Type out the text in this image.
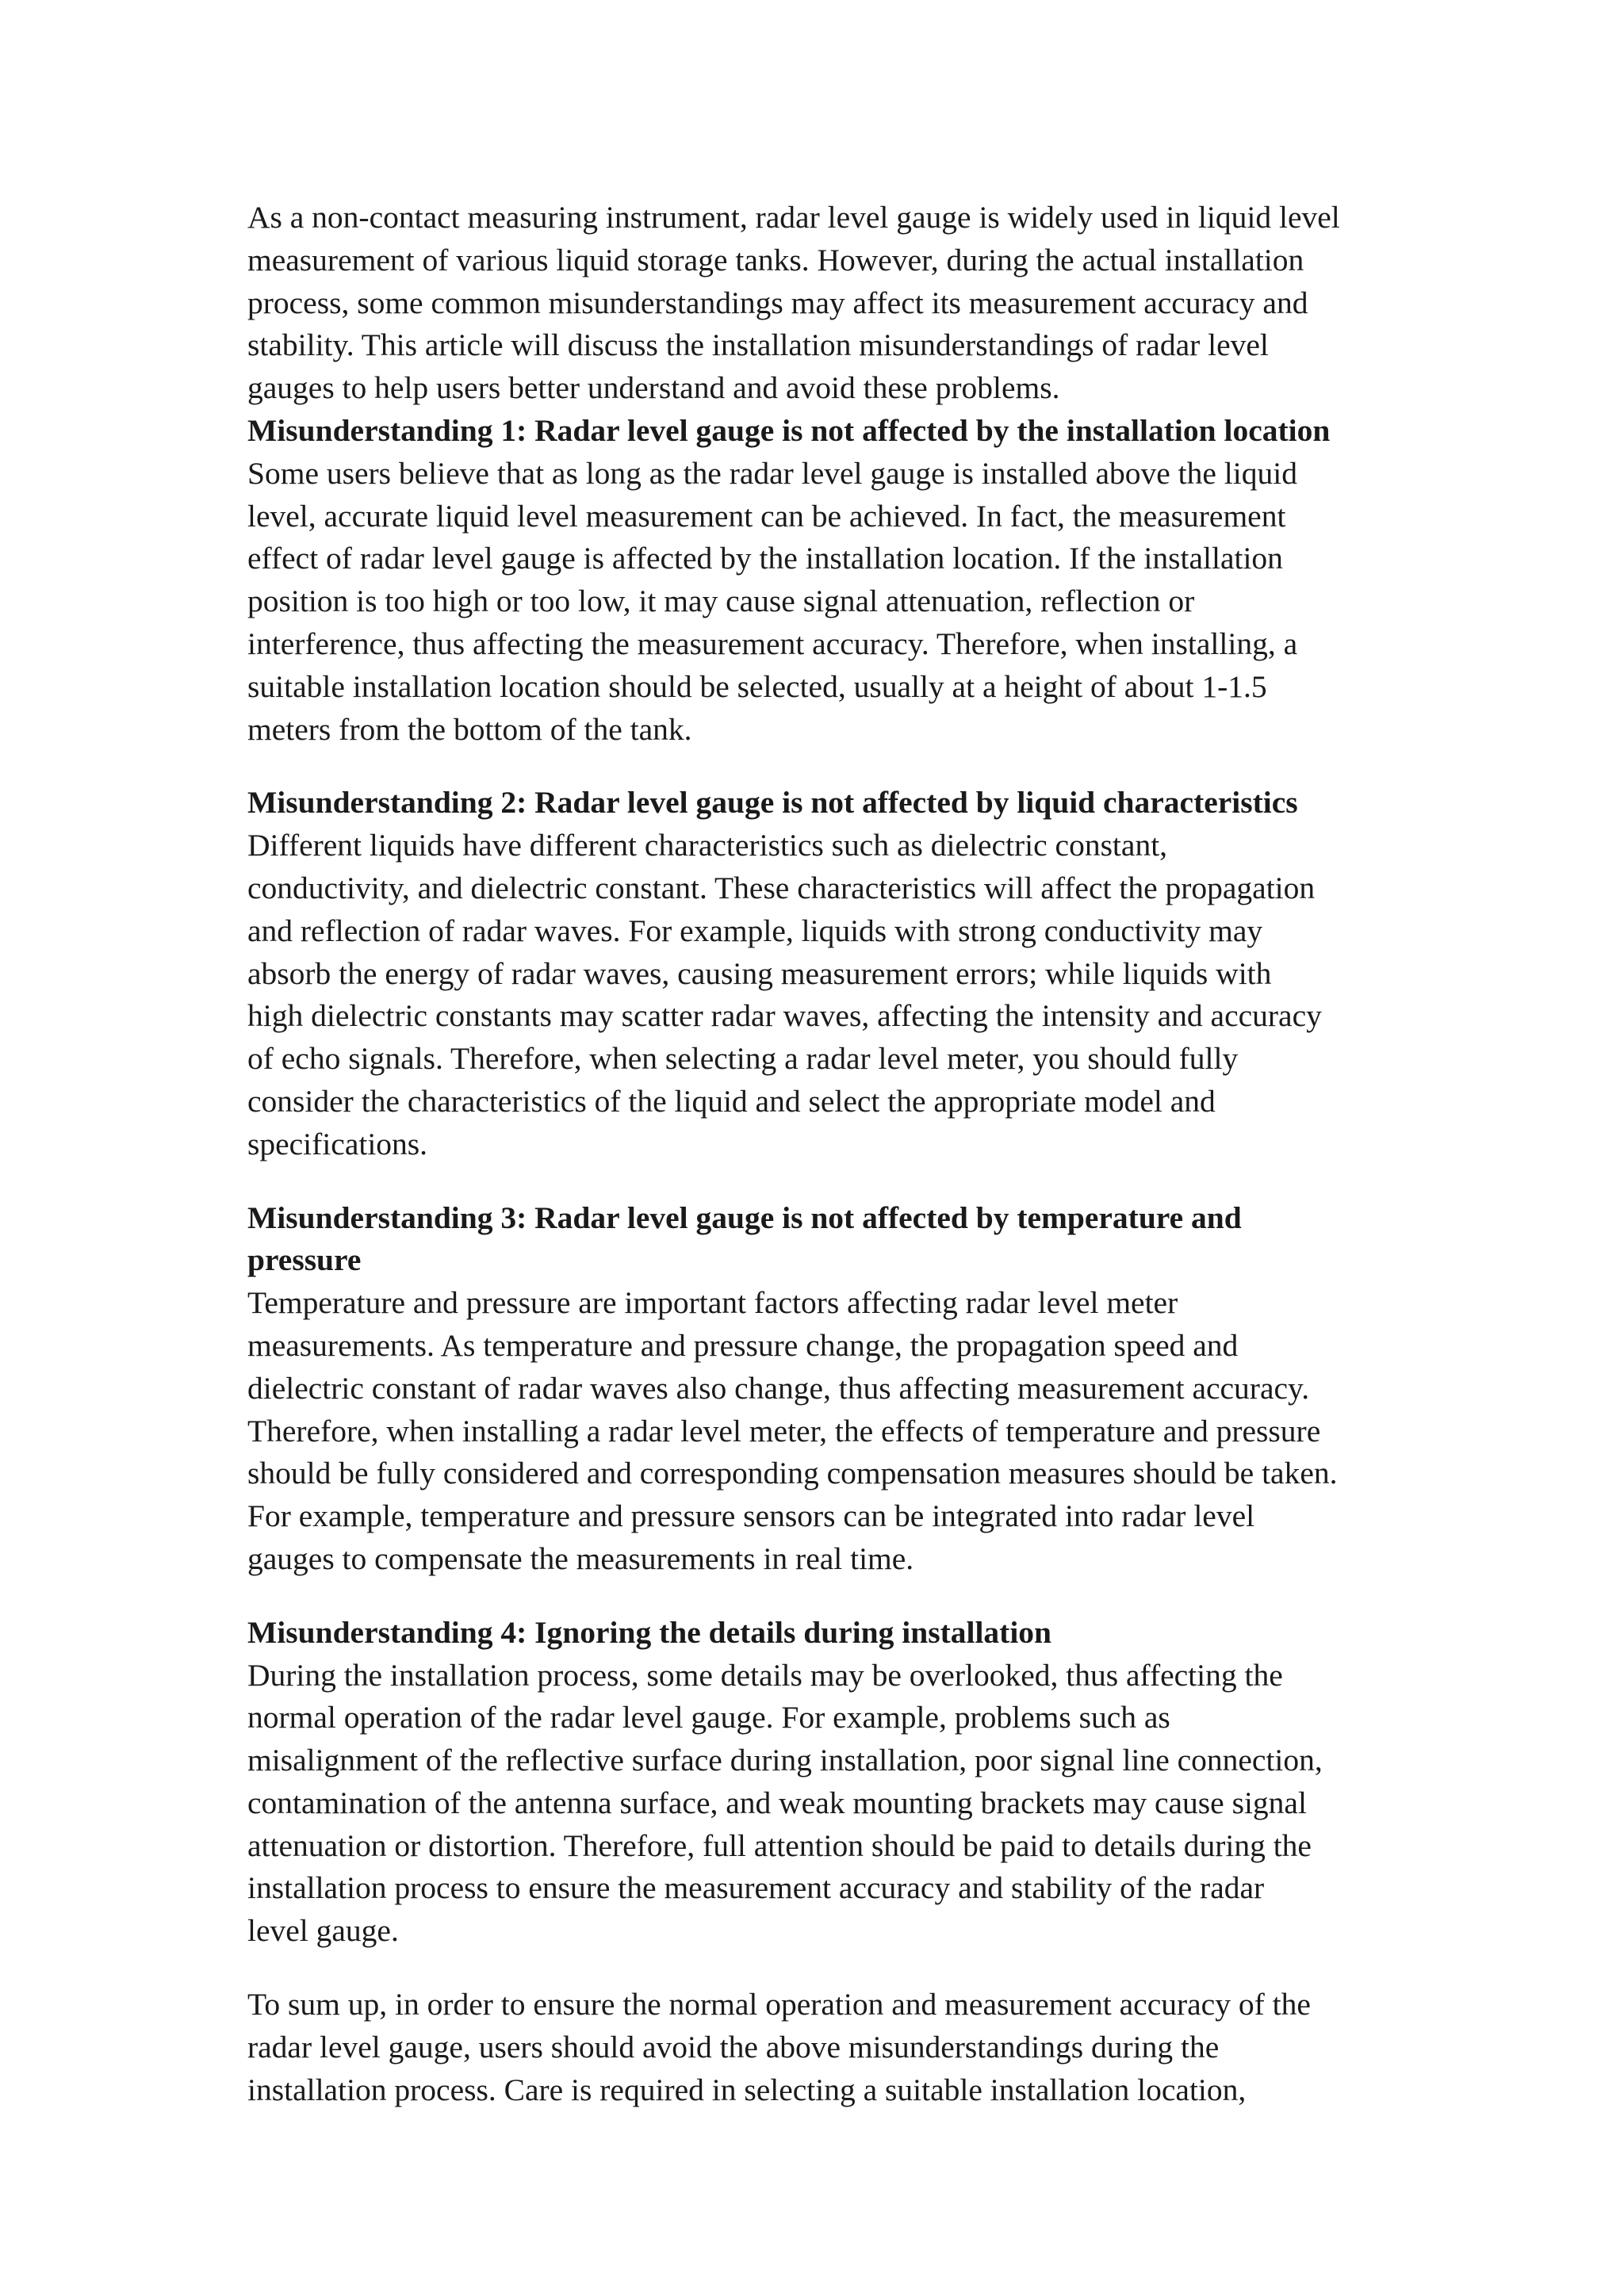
As a non-contact measuring instrument, radar level gauge is widely used in liquid level
measurement of various liquid storage tanks. However, during the actual installation
process, some common misunderstandings may affect its measurement accuracy and
stability. This article will discuss the installation misunderstandings of radar level
gauges to help users better understand and avoid these problems.

Misunderstanding 1: Radar level gauge is not affected by the installation location

Some users believe that as long as the radar level gauge is installed above the liquid
level, accurate liquid level measurement can be achieved. In fact, the measurement
effect of radar level gauge is affected by the installation location. If the installation
position is too high or too low, it may cause signal attenuation, reflection or
interference, thus affecting the measurement accuracy. Therefore, when installing, a
suitable installation location should be selected, usually at a height of about 1-1.5
meters from the bottom of the tank.

Misunderstanding 2: Radar level gauge is not affected by liquid characteristics

Different liquids have different characteristics such as dielectric constant,
conductivity, and dielectric constant. These characteristics will affect the propagation
and reflection of radar waves. For example, liquids with strong conductivity may
absorb the energy of radar waves, causing measurement errors; while liquids with
high dielectric constants may scatter radar waves, affecting the intensity and accuracy
of echo signals. Therefore, when selecting a radar level meter, you should fully
consider the characteristics of the liquid and select the appropriate model and
specifications.

Misunderstanding 3: Radar level gauge is not affected by temperature and
pressure

Temperature and pressure are important factors affecting radar level meter
measurements. As temperature and pressure change, the propagation speed and
dielectric constant of radar waves also change, thus affecting measurement accuracy.
Therefore, when installing a radar level meter, the effects of temperature and pressure
should be fully considered and corresponding compensation measures should be taken.
For example, temperature and pressure sensors can be integrated into radar level
gauges to compensate the measurements in real time.

Misunderstanding 4: Ignoring the details during installation

During the installation process, some details may be overlooked, thus affecting the
normal operation of the radar level gauge. For example, problems such as
misalignment of the reflective surface during installation, poor signal line connection,
contamination of the antenna surface, and weak mounting brackets may cause signal
attenuation or distortion. Therefore, full attention should be paid to details during the
installation process to ensure the measurement accuracy and stability of the radar
level gauge.

To sum up, in order to ensure the normal operation and measurement accuracy of the
radar level gauge, users should avoid the above misunderstandings during the
installation process. Care is required in selecting a suitable installation location,
